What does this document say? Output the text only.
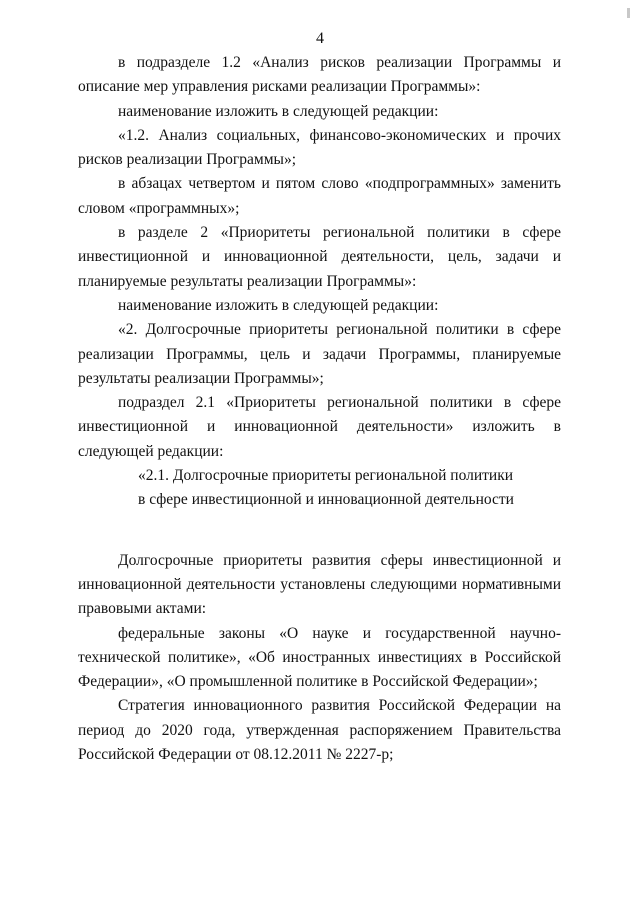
4

в подразделе 1.2 «Анализ рисков реализации Программы и описание мер управления рисками реализации Программы»:

наименование изложить в следующей редакции:

«1.2. Анализ социальных, финансово-экономических и прочих рисков реализации Программы»;

в абзацах четвертом и пятом слово «подпрограммных» заменить словом «программных»;

в разделе 2 «Приоритеты региональной политики в сфере инвестиционной и инновационной деятельности, цель, задачи и планируемые результаты реализации Программы»:

наименование изложить в следующей редакции:

«2. Долгосрочные приоритеты региональной политики в сфере реализации Программы, цель и задачи Программы, планируемые результаты реализации Программы»;

подраздел 2.1 «Приоритеты региональной политики в сфере инвестиционной и инновационной деятельности» изложить в следующей редакции:

«2.1. Долгосрочные приоритеты региональной политики

в сфере инвестиционной и инновационной деятельности

Долгосрочные приоритеты развития сферы инвестиционной и инновационной деятельности установлены следующими нормативными правовыми актами:

федеральные законы «О науке и государственной научно-технической политике», «Об иностранных инвестициях в Российской Федерации», «О промышленной политике в Российской Федерации»;

Стратегия инновационного развития Российской Федерации на период до 2020 года, утвержденная распоряжением Правительства Российской Федерации от 08.12.2011 № 2227-р;
